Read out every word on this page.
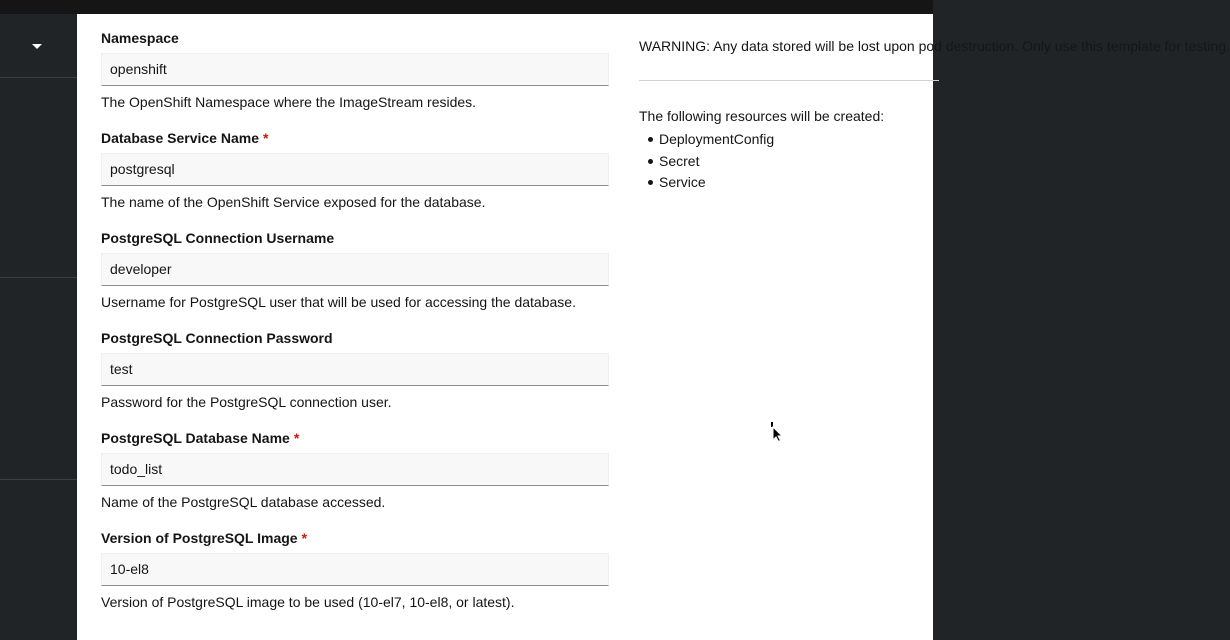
Namespace
openshift
The OpenShift Namespace where the ImageStream resides.
Database Service Name *
postgresql
The name of the OpenShift Service exposed for the database.
PostgreSQL Connection Username
developer
Username for PostgreSQL user that will be used for accessing the database.
PostgreSQL Connection Password
test
Password for the PostgreSQL connection user.
PostgreSQL Database Name *
todo_list
Name of the PostgreSQL database accessed.
Version of PostgreSQL Image *
10-el8
Version of PostgreSQL image to be used (10-el7, 10-el8, or latest).
WARNING: Any data stored will be lost upon pod destruction. Only use this template for testing.
The following resources will be created:
DeploymentConfig
Secret
Service
